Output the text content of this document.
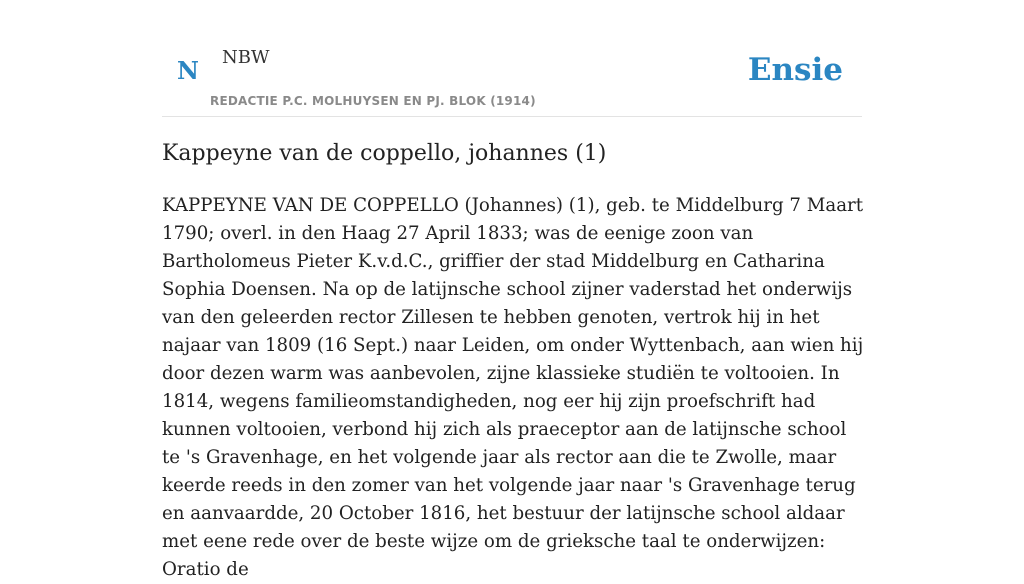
N NBW
REDACTIE P.C. MOLHUYSEN EN PJ. BLOK (1914)
Ensie
Kappeyne van de coppello, johannes (1)

KAPPEYNE VAN DE COPPELLO (Johannes) (1), geb. te Middelburg 7 Maart 1790; overl. in den Haag 27 April 1833; was de eenige zoon van Bartholomeus Pieter K.v.d.C., griffier der stad Middelburg en Catharina Sophia Doensen. Na op de latijnsche school zijner vaderstad het onderwijs van den geleerden rector Zillesen te hebben genoten, vertrok hij in het najaar van 1809 (16 Sept.) naar Leiden, om onder Wyttenbach, aan wien hij door dezen warm was aanbevolen, zijne klassieke studiën te voltooien. In 1814, wegens familieomstandigheden, nog eer hij zijn proefschrift had kunnen voltooien, verbond hij zich als praeceptor aan de latijnsche school te 's Gravenhage, en het volgende jaar als rector aan die te Zwolle, maar keerde reeds in den zomer van het volgende jaar naar 's Gravenhage terug en aanvaardde, 20 October 1816, het bestuur der latijnsche school aldaar met eene rede over de beste wijze om de grieksche taal te onderwijzen: Oratio de
